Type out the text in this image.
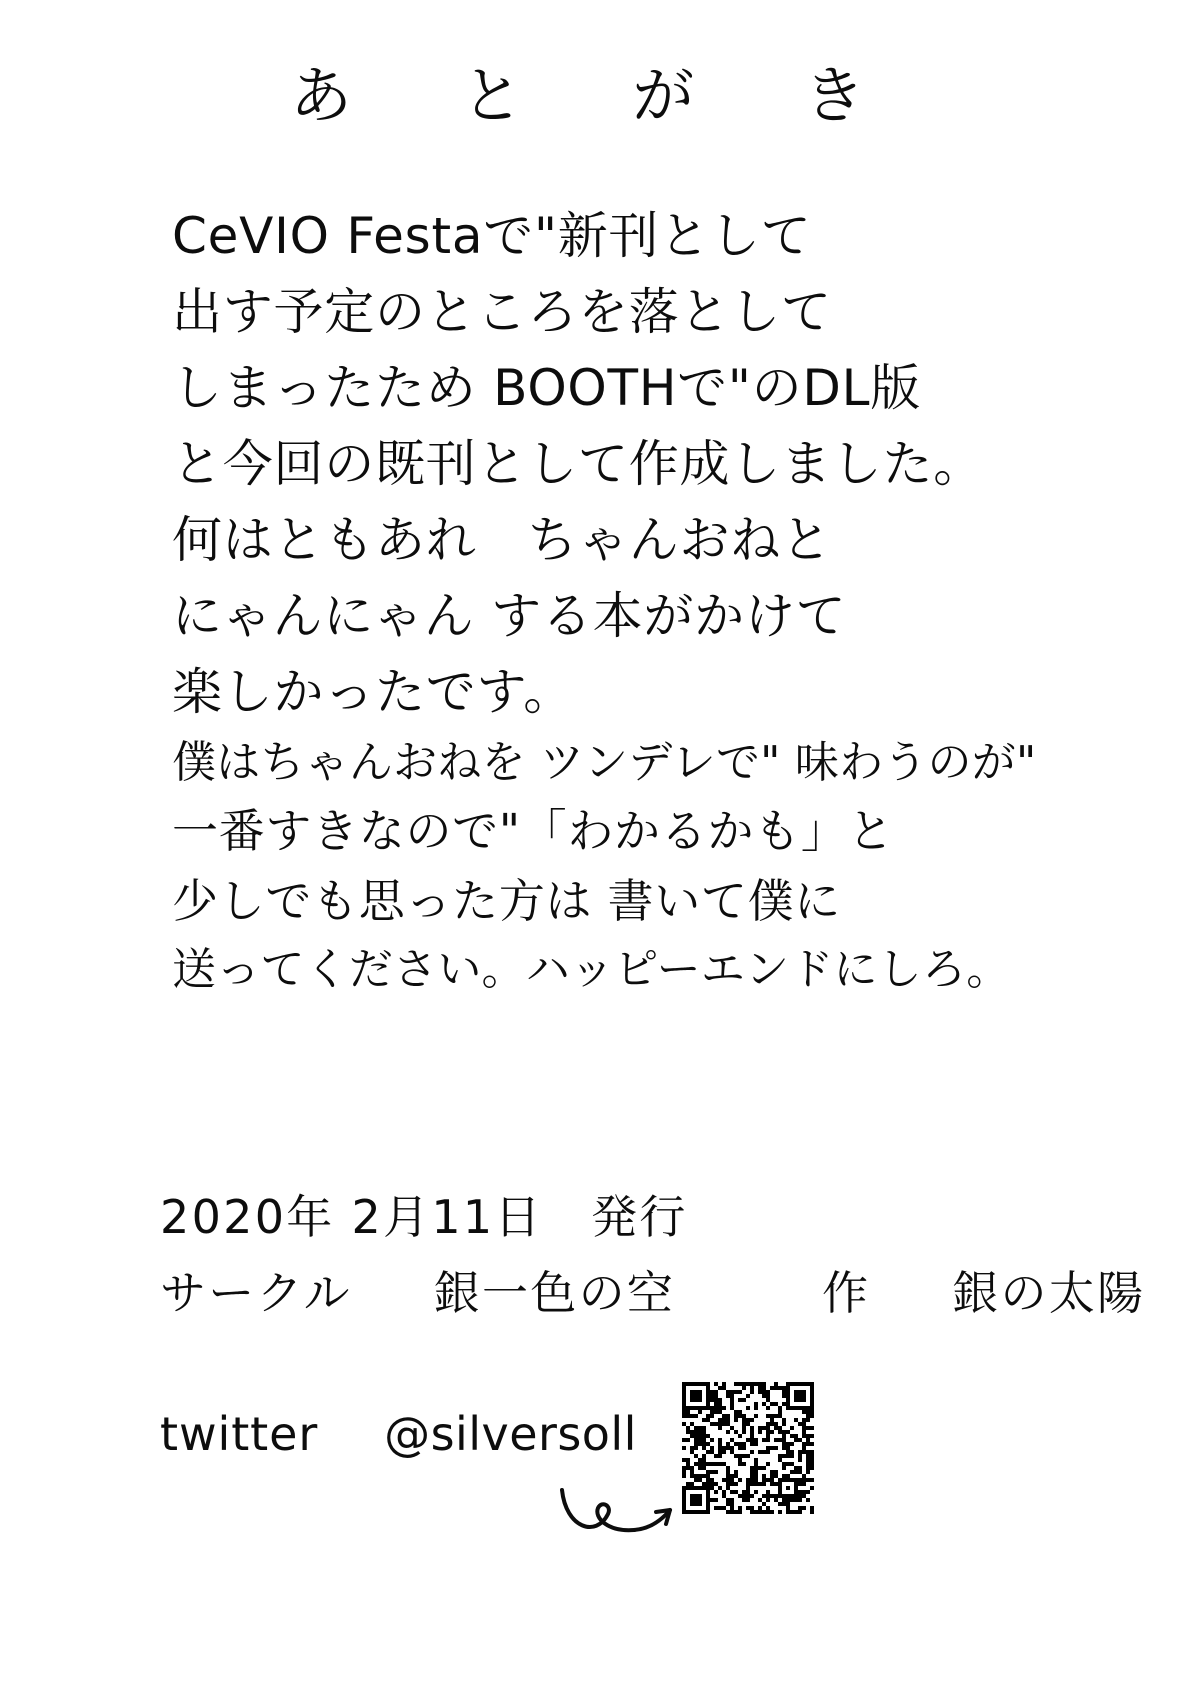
あ　と　が　き
CeVIO Festaで"新刊として
出す予定のところを落として
しまったため BOOTHで"のDL版
と今回の既刊として作成しました。
何はともあれ　ちゃんおねと
にゃんにゃん する本がかけて
楽しかったです。
僕はちゃんおねを ツンデレで" 味わうのが"
一番すきなので"「わかるかも」と
少しでも思った方は 書いて僕に
送ってください。ハッピーエンドにしろ。
2020年 2月11日　発行
サークル 銀一色の空	作 銀の太陽
twitter @silversoll
